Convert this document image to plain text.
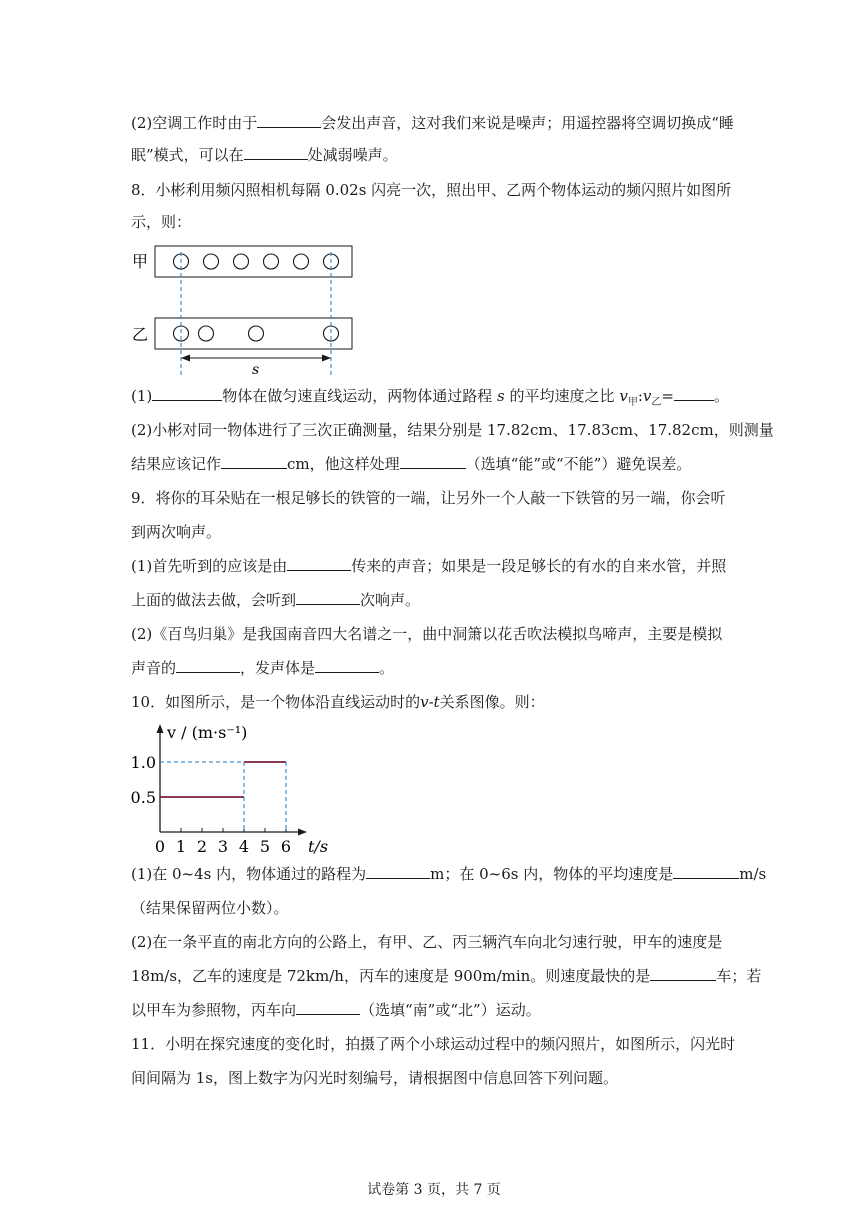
(2)空调工作时由于	会发出声音，这对我们来说是噪声；用遥控器将空调切换成“睡
眠”模式，可以在	处减弱噪声。
8．小彬利用频闪照相机每隔 0.02s 闪亮一次，照出甲、乙两个物体运动的频闪照片如图所
示，则：
甲
乙
s
(1)	物体在做匀速直线运动，两物体通过路程 s 的平均速度之比 $v_甲:v_乙=$	。
(2)小彬对同一物体进行了三次正确测量，结果分别是 17.82cm、17.83cm、17.82cm，则测量
结果应该记作	cm，他这样处理	（选填“能”或“不能”）避免误差。
9．将你的耳朵贴在一根足够长的铁管的一端，让另外一个人敲一下铁管的另一端，你会听
到两次响声。
(1)首先听到的应该是由	传来的声音；如果是一段足够长的有水的自来水管，并照
上面的做法去做，会听到	次响声。
(2)《百鸟归巢》是我国南音四大名谱之一，曲中洞箫以花舌吹法模拟鸟啼声，主要是模拟
声音的	，发声体是	。
10．如图所示，是一个物体沿直线运动时的v-t关系图像。则：
v / (m·s⁻¹)
0 1 2 3 4 5 6 t/s
1.0
0.5
(1)在 0~4s 内，物体通过的路程为	m；在 0~6s 内，物体的平均速度是	m/s
（结果保留两位小数）。
(2)在一条平直的南北方向的公路上，有甲、乙、丙三辆汽车向北匀速行驶，甲车的速度是
18m/s，乙车的速度是 72km/h，丙车的速度是 900m/min。则速度最快的是	车；若
以甲车为参照物，丙车向	（选填“南”或“北”）运动。
11．小明在探究速度的变化时，拍摄了两个小球运动过程中的频闪照片，如图所示，闪光时
间间隔为 1s，图上数字为闪光时刻编号，请根据图中信息回答下列问题。
试卷第 3 页，共 7 页
